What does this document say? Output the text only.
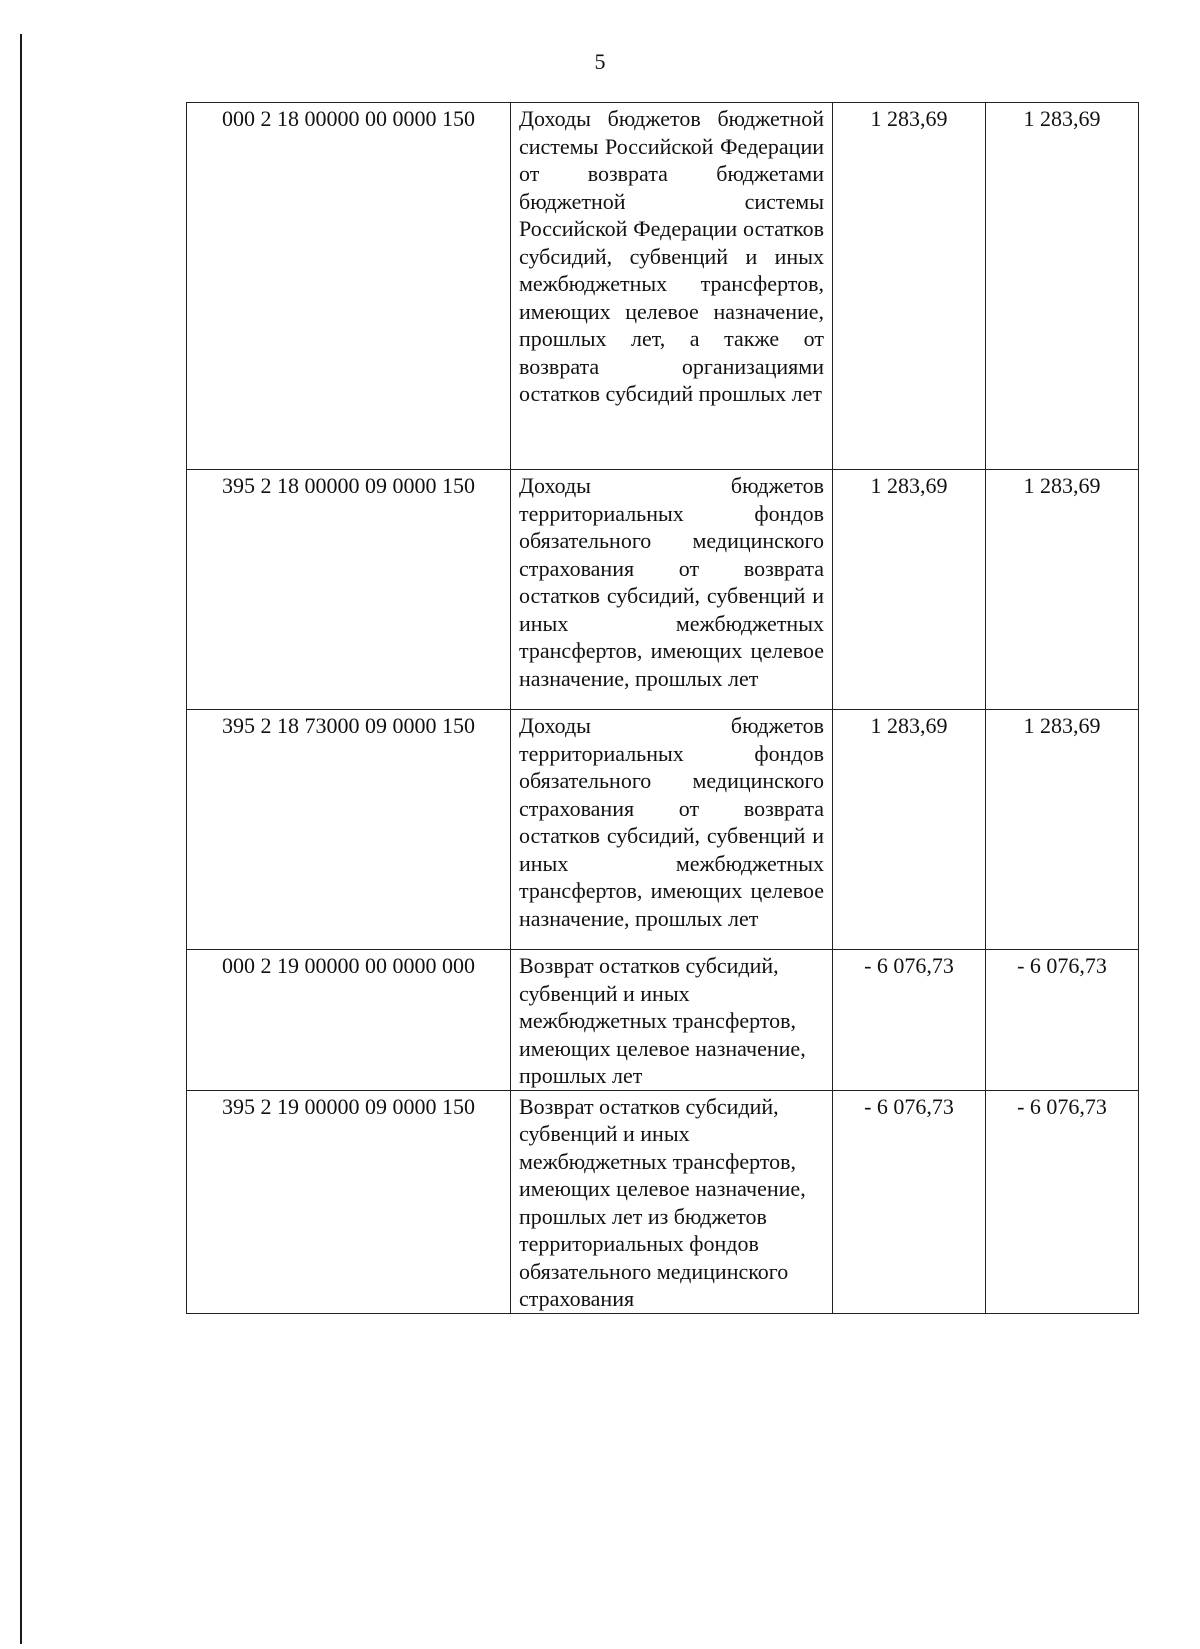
5
000 2 18 00000 00 0000 150	Доходы бюджетов бюджетной системы Российской Федерации от возврата бюджетами бюджетной системы Российской Федерации остатков субсидий, субвенций и иных межбюджетных трансфертов, имеющих целевое назначение, прошлых лет, а также от возврата организациями остатков субсидий прошлых лет	1 283,69	1 283,69
395 2 18 00000 09 0000 150	Доходы бюджетов территориальных фондов обязательного медицинского страхования от возврата остатков субсидий, субвенций и иных межбюджетных трансфертов, имеющих целевое назначение, прошлых лет	1 283,69	1 283,69
395 2 18 73000 09 0000 150	Доходы бюджетов территориальных фондов обязательного медицинского страхования от возврата остатков субсидий, субвенций и иных межбюджетных трансфертов, имеющих целевое назначение, прошлых лет	1 283,69	1 283,69
000 2 19 00000 00 0000 000	Возврат остатков субсидий, субвенций и иных межбюджетных трансфертов, имеющих целевое назначение, прошлых лет	- 6 076,73	- 6 076,73
395 2 19 00000 09 0000 150	Возврат остатков субсидий, субвенций и иных межбюджетных трансфертов, имеющих целевое назначение, прошлых лет из бюджетов территориальных фондов обязательного медицинского страхования	- 6 076,73	- 6 076,73
